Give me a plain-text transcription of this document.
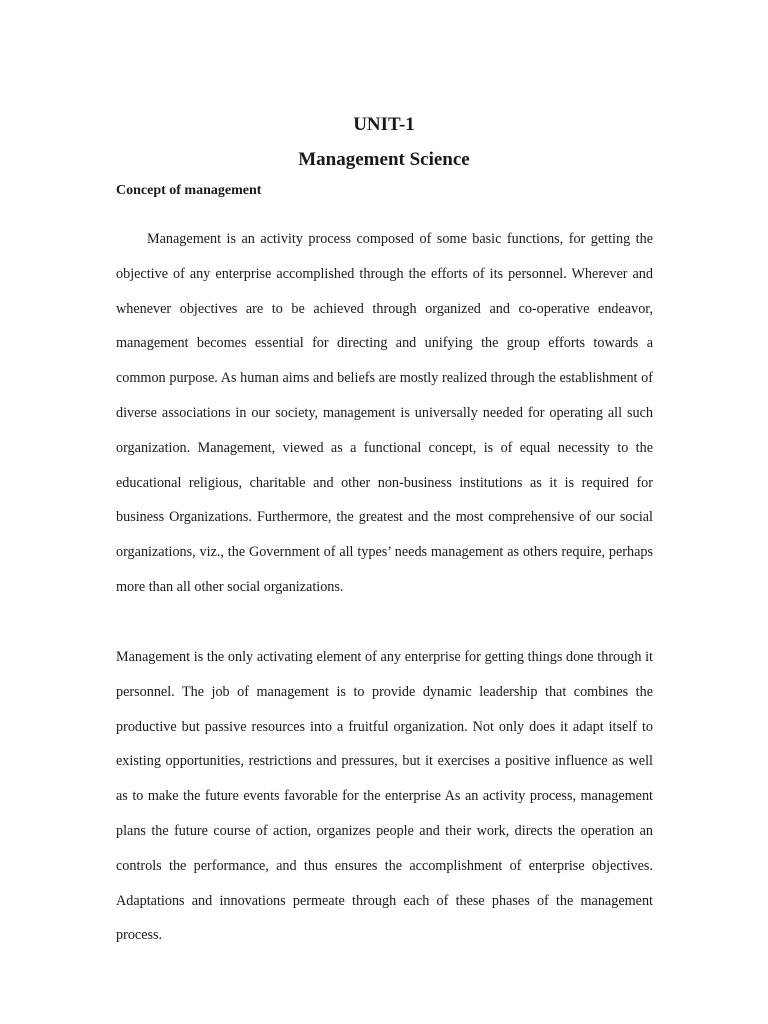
UNIT-1
Management Science
Concept of management

Management is an activity process composed of some basic functions, for getting the objective of any enterprise accomplished through the efforts of its personnel. Wherever and whenever objectives are to be achieved through organized and co-operative endeavor, management becomes essential for directing and unifying the group efforts towards a common purpose. As human aims and beliefs are mostly realized through the establishment of diverse associations in our society, management is universally needed for operating all such organization. Management, viewed as a functional concept, is of equal necessity to the educational religious, charitable and other non-business institutions as it is required for business Organizations. Furthermore, the greatest and the most comprehensive of our social organizations, viz., the Government of all types’ needs management as others require, perhaps more than all other social organizations.

Management is the only activating element of any enterprise for getting things done through it personnel. The job of management is to provide dynamic leadership that combines the productive but passive resources into a fruitful organization. Not only does it adapt itself to existing opportunities, restrictions and pressures, but it exercises a positive influence as well as to make the future events favorable for the enterprise As an activity process, management plans the future course of action, organizes people and their work, directs the operation an controls the performance, and thus ensures the accomplishment of enterprise objectives. Adaptations and innovations permeate through each of these phases of the management process.
